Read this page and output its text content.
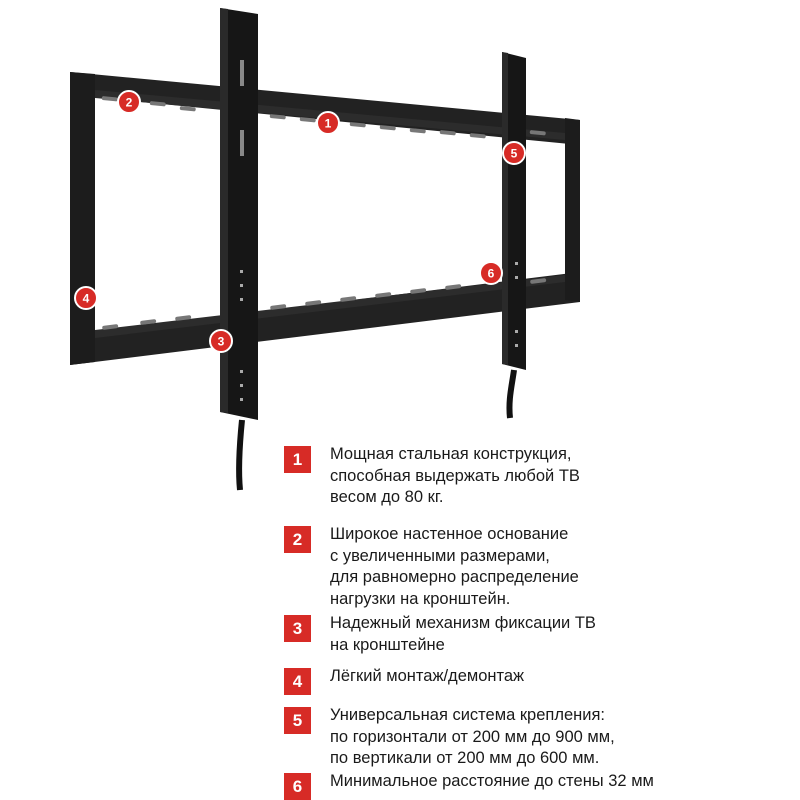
1
2
3
4
5
6
1	Мощная стальная конструкция,
способная выдержать любой ТВ
весом до 80 кг.
2	Широкое настенное основание
с увеличенными размерами,
для равномерно распределение
нагрузки на кронштейн.
3	Надежный механизм фиксации ТВ
на кронштейне
4	Лёгкий монтаж/демонтаж
5	Универсальная система крепления:
по горизонтали от 200 мм до 900 мм,
по вертикали от 200 мм до 600 мм.
6	Минимальное расстояние до стены 32 мм
